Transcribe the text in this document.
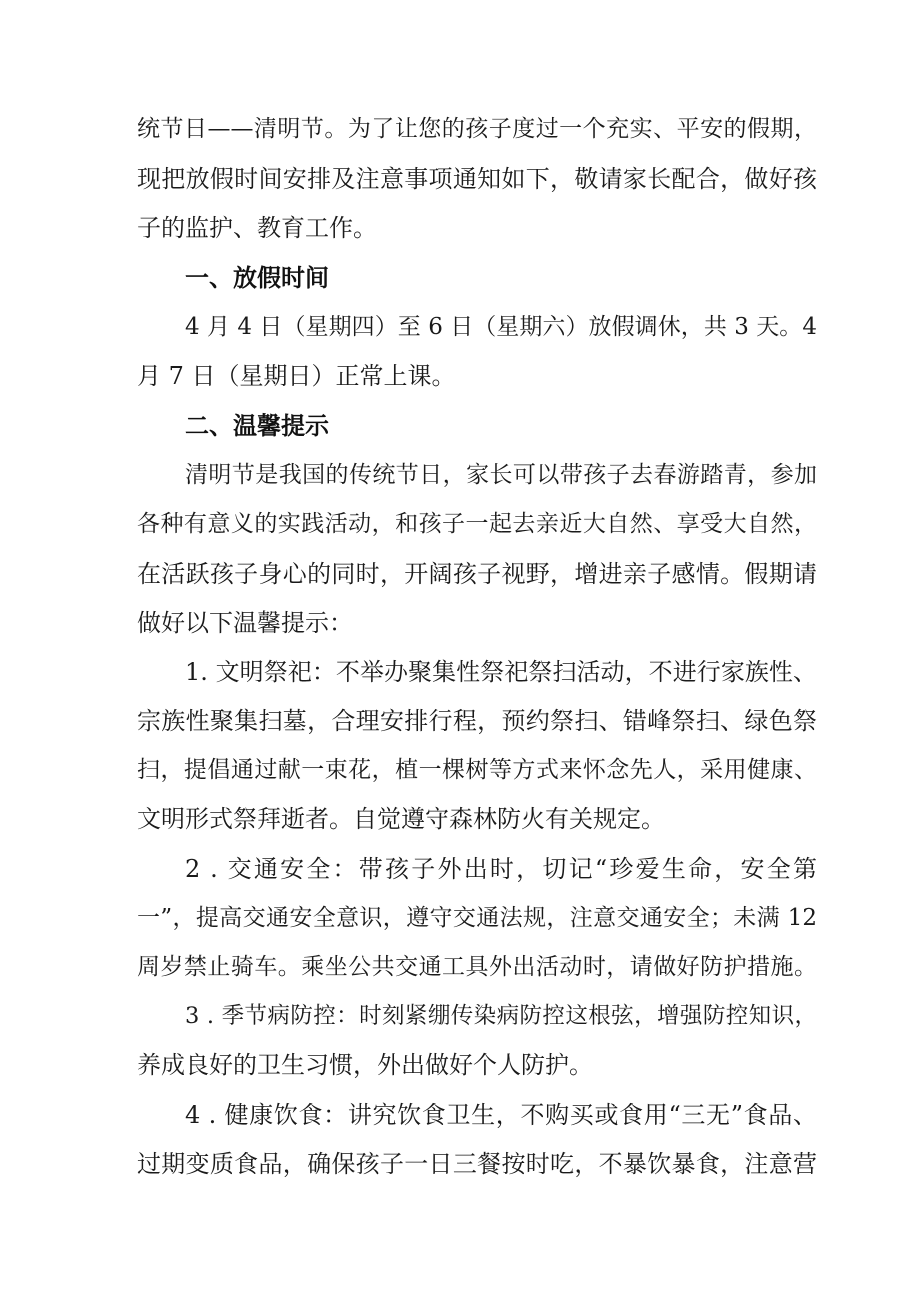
统节日——清明节。为了让您的孩子度过一个充实、平安的假期，
现把放假时间安排及注意事项通知如下，敬请家长配合，做好孩
子的监护、教育工作。
一、放假时间
4 月 4 日（星期四）至 6 日（星期六）放假调休，共 3 天。4
月 7 日（星期日）正常上课。
二、温馨提示
清明节是我国的传统节日，家长可以带孩子去春游踏青，参加
各种有意义的实践活动，和孩子一起去亲近大自然、享受大自然，
在活跃孩子身心的同时，开阔孩子视野，增进亲子感情。假期请
做好以下温馨提示：
1. 文明祭祀：不举办聚集性祭祀祭扫活动，不进行家族性、
宗族性聚集扫墓，合理安排行程，预约祭扫、错峰祭扫、绿色祭
扫，提倡通过献一束花，植一棵树等方式来怀念先人，采用健康、
文明形式祭拜逝者。自觉遵守森林防火有关规定。
2 . 交通安全：带孩子外出时，切记“珍爱生命，安全第
一”，提高交通安全意识，遵守交通法规，注意交通安全；未满 12
周岁禁止骑车。乘坐公共交通工具外出活动时，请做好防护措施。
3 . 季节病防控：时刻紧绷传染病防控这根弦，增强防控知识，
养成良好的卫生习惯，外出做好个人防护。
4 . 健康饮食：讲究饮食卫生，不购买或食用“三无”食品、
过期变质食品，确保孩子一日三餐按时吃，不暴饮暴食，注意营
